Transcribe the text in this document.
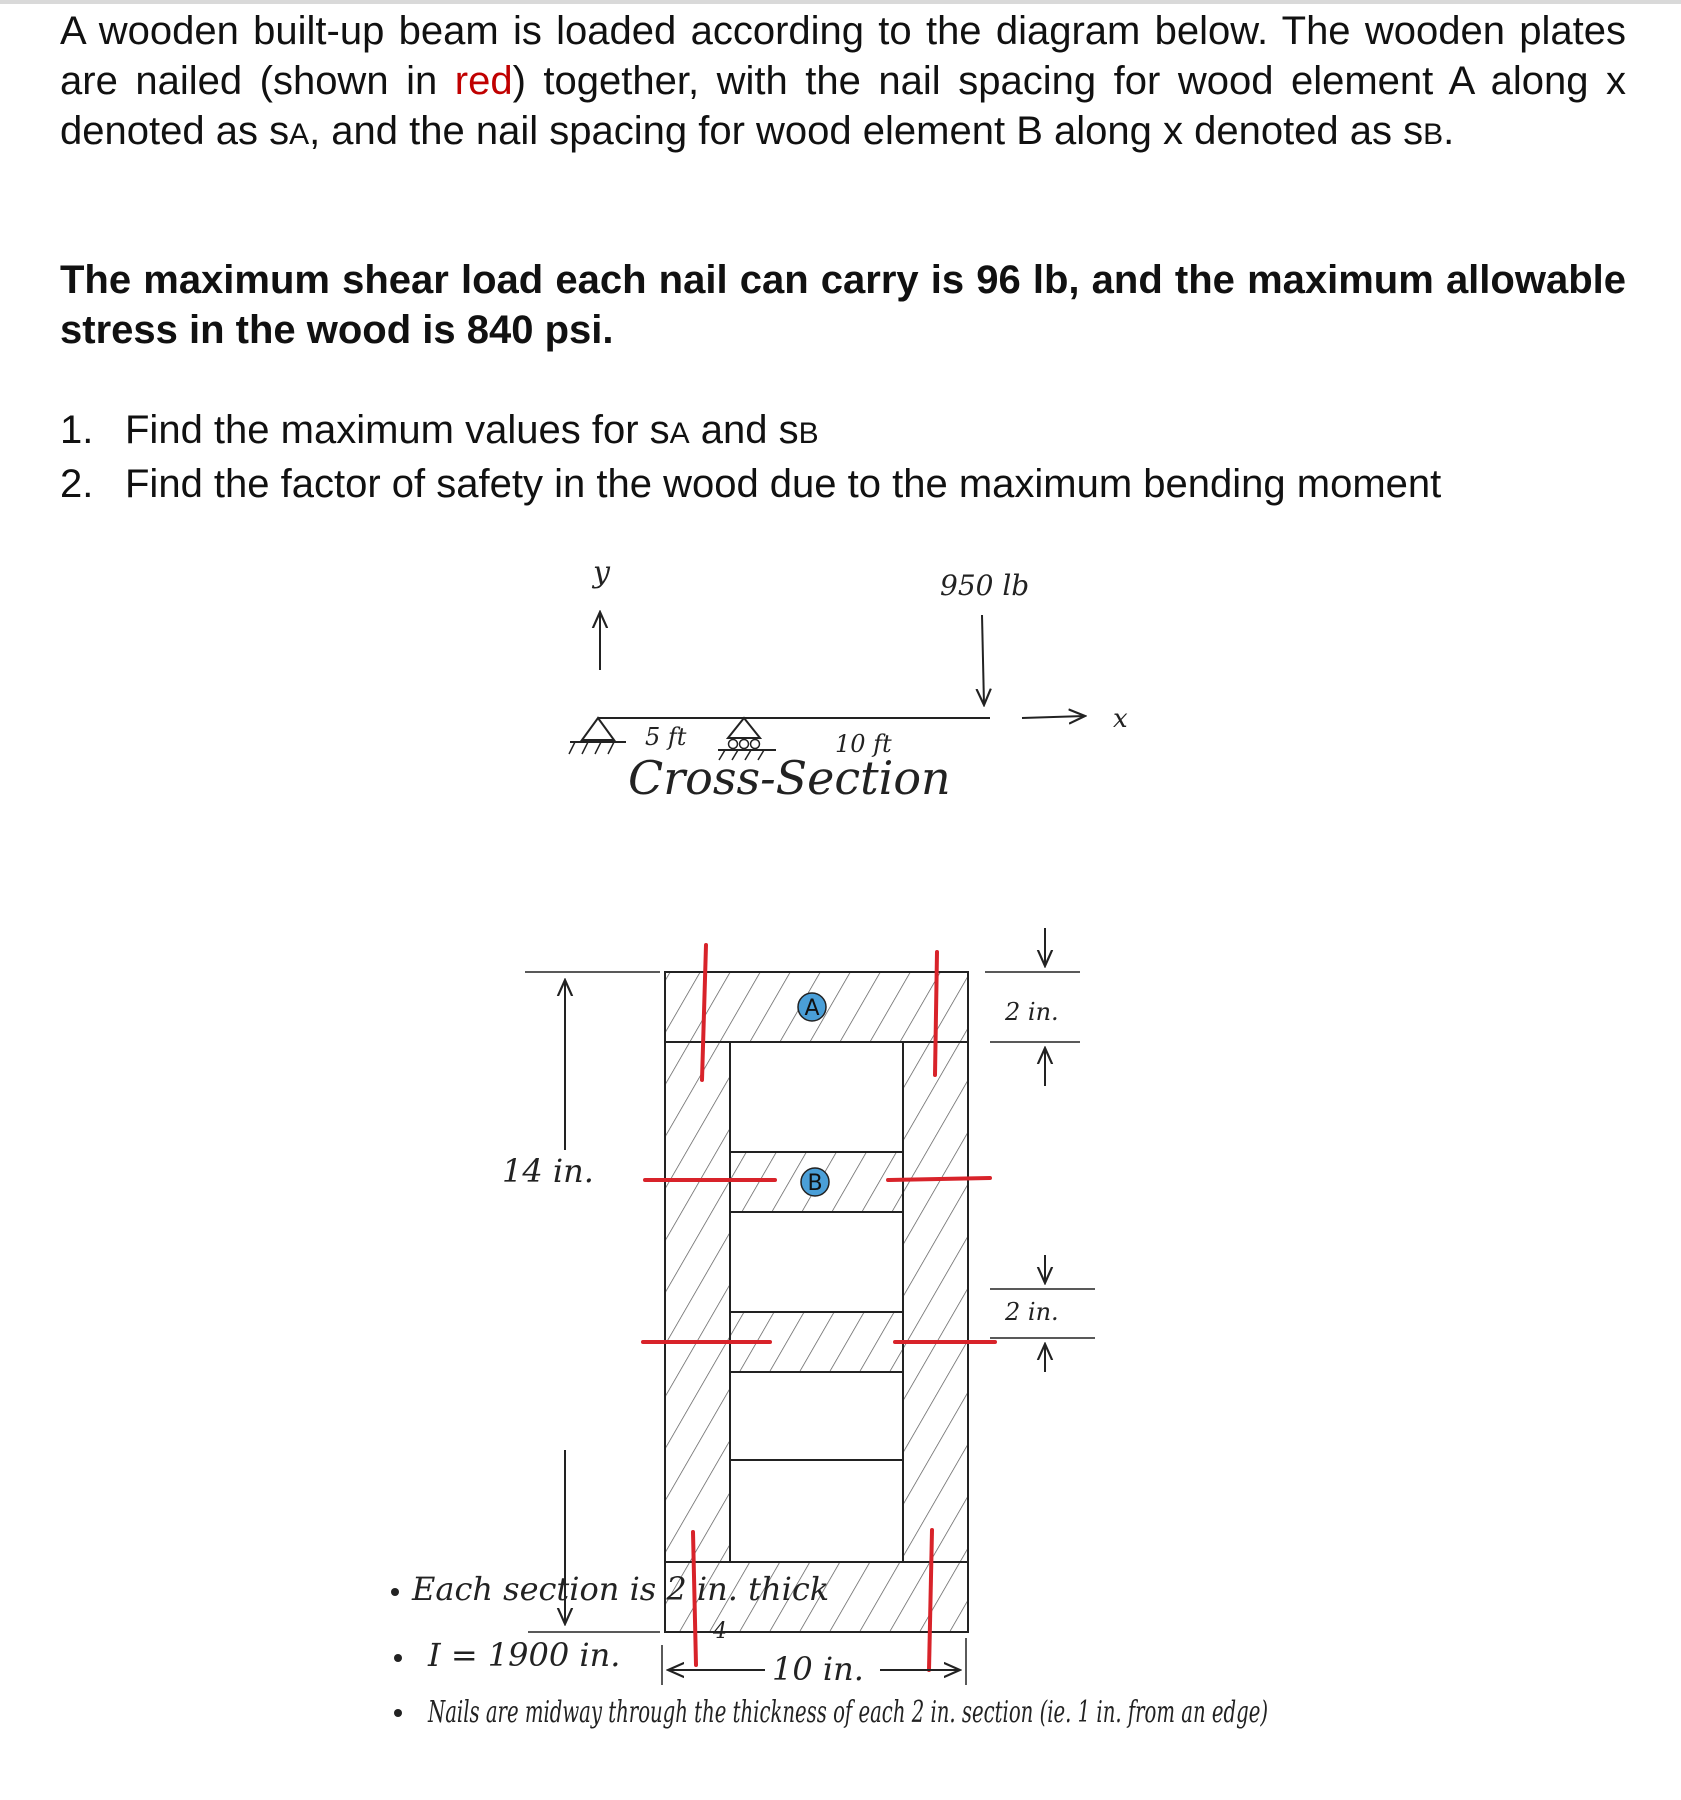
A wooden built-up beam is loaded according to the diagram below. The wooden plates are nailed (shown in red) together, with the nail spacing for wood element A along x denoted as sA, and the nail spacing for wood element B along x denoted as sB.

The maximum shear load each nail can carry is 96 lb, and the maximum allowable stress in the wood is 840 psi.

1. Find the maximum values for sA and sB
2. Find the factor of safety in the wood due to the maximum bending moment
y
5 ft	10 ft
950 lb
x
Cross-Section
A
B
14 in.
10 in.
2 in.
2 in.
Each section is 2 in. thick
I = 1900 in.
4
Nails are midway through the thickness of each 2 in. section (ie. 1 in. from an edge)
